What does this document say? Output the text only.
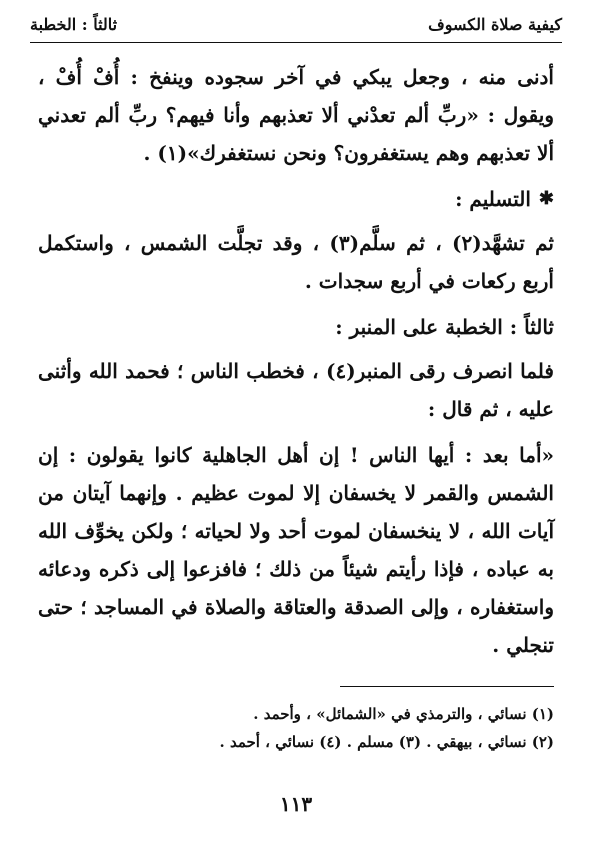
كيفية صلاة الكسوف
ثالثاً : الخطبة

أدنى منه ، وجعل يبكي في آخر سجوده وينفخ : أُفْ أُفْ ، ويقول : «ربِّ ألم تعدْني ألا تعذبهم وأنا فيهم؟ ربِّ ألم تعدني ألا تعذبهم وهم يستغفرون؟ ونحن نستغفرك»(١) .

✱
التسليم :

ثم تشهَّد(٢) ، ثم سلَّم(٣) ، وقد تجلَّت الشمس ، واستكمل أربع ركعات في أربع سجدات .

ثالثاً : الخطبة على المنبر :

فلما انصرف رقى المنبر(٤) ، فخطب الناس ؛ فحمد الله وأثنى عليه ، ثم قال :

«أما بعد : أيها الناس ! إن أهل الجاهلية كانوا يقولون : إن الشمس والقمر لا يخسفان إلا لموت عظيم . وإنهما آيتان من آيات الله ، لا ينخسفان لموت أحد ولا لحياته ؛ ولكن يخوِّف الله به عباده ، فإذا رأيتم شيئاً من ذلك ؛ فافزعوا إلى ذكره ودعائه واستغفاره ، وإلى الصدقة والعتاقة والصلاة في المساجد ؛ حتى تنجلي .

(١) نسائي ، والترمذي في «الشمائل» ، وأحمد .
(٢) نسائي ، بيهقي . (٣) مسلم . (٤) نسائي ، أحمد .
١١٣
